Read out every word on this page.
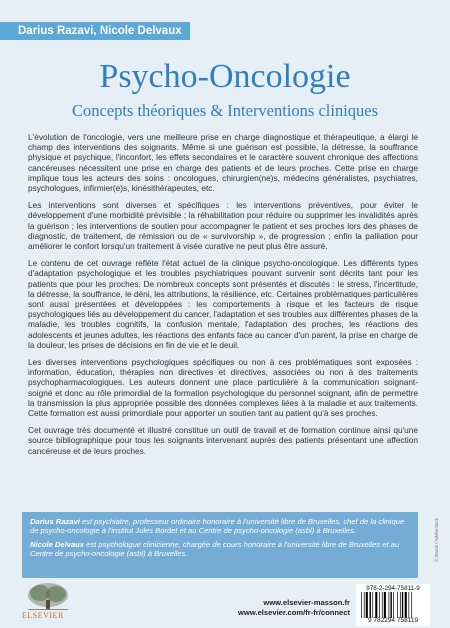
Darius Razavi, Nicole Delvaux
Psycho-Oncologie
Concepts théoriques & Interventions cliniques

L'évolution de l'oncologie, vers une meilleure prise en charge diagnostique et thérapeutique, a élargi le champ des interventions des soignants. Même si une guérison est possible, la détresse, la souffrance physique et psychique, l'inconfort, les effets secondaires et le caractère souvent chronique des affections cancéreuses nécessitent une prise en charge des patients et de leurs proches. Cette prise en charge implique tous les acteurs des soins : oncologues, chirurgien(ne)s, médecins généralistes, psychiatres, psychologues, infirmier(e)s, kinésithérapeutes, etc.

Les interventions sont diverses et spécifiques : les interventions préventives, pour éviter le développement d'une morbidité prévisible ; la réhabilitation pour réduire ou supprimer les invalidités après la guérison ; les interventions de soutien pour accompagner le patient et ses proches lors des phases de diagnostic, de traitement, de rémission ou de « survivorship », de progression ; enfin la palliation pour améliorer le confort lorsqu'un traitement à visée curative ne peut plus être assuré.

Le contenu de cet ouvrage reflète l'état actuel de la clinique psycho-oncologique. Les différents types d'adaptation psychologique et les troubles psychiatriques pouvant survenir sont décrits tant pour les patients que pour les proches. De nombreux concepts sont présentés et discutés : le stress, l'incertitude, la détresse, la souffrance, le déni, les attributions, la résilience, etc. Certaines problématiques particulières sont aussi présentées et développées : les comportements à risque et les facteurs de risque psychologiques liés au développement du cancer, l'adaptation et ses troubles aux différentes phases de la maladie, les troubles cognitifs, la confusion mentale, l'adaptation des proches, les réactions des adolescents et jeunes adultes, les réactions des enfants face au cancer d'un parent, la prise en charge de la douleur, les prises de décisions en fin de vie et le deuil.

Les diverses interventions psychologiques spécifiques ou non à ces problématiques sont exposées : information, éducation, thérapies non directives et directives, associées ou non à des traitements psychopharmacologiques. Les auteurs donnent une place particulière à la communication soignant-soigné et donc au rôle primordial de la formation psychologique du personnel soignant, afin de permettre la transmission la plus appropriée possible des données complexes liées à la maladie et aux traitements. Cette formation est aussi primordiale pour apporter un soutien tant au patient qu'à ses proches.

Cet ouvrage très documenté et illustré constitue un outil de travail et de formation continue ainsi qu'une source bibliographique pour tous les soignants intervenant auprès des patients présentant une affection cancéreuse et de leurs proches.

Darius Razavi est psychiatre, professeur ordinaire honoraire à l'université libre de Bruxelles, chef de la clinique de psycho-oncologie à l'institut Jules Bordet et au Centre de psycho-oncologie (asbl) à Bruxelles.

Nicole Delvaux est psychologue clinicienne, chargée de cours honoraire à l'université libre de Bruxelles et au Centre de psycho-oncologie (asbl) à Bruxelles.

ELSEVIER
www.elsevier-masson.fr
www.elsevier.com/fr-fr/connect
978-2-294-75811-9
9 782294 758119
© iStock / Adobestock
